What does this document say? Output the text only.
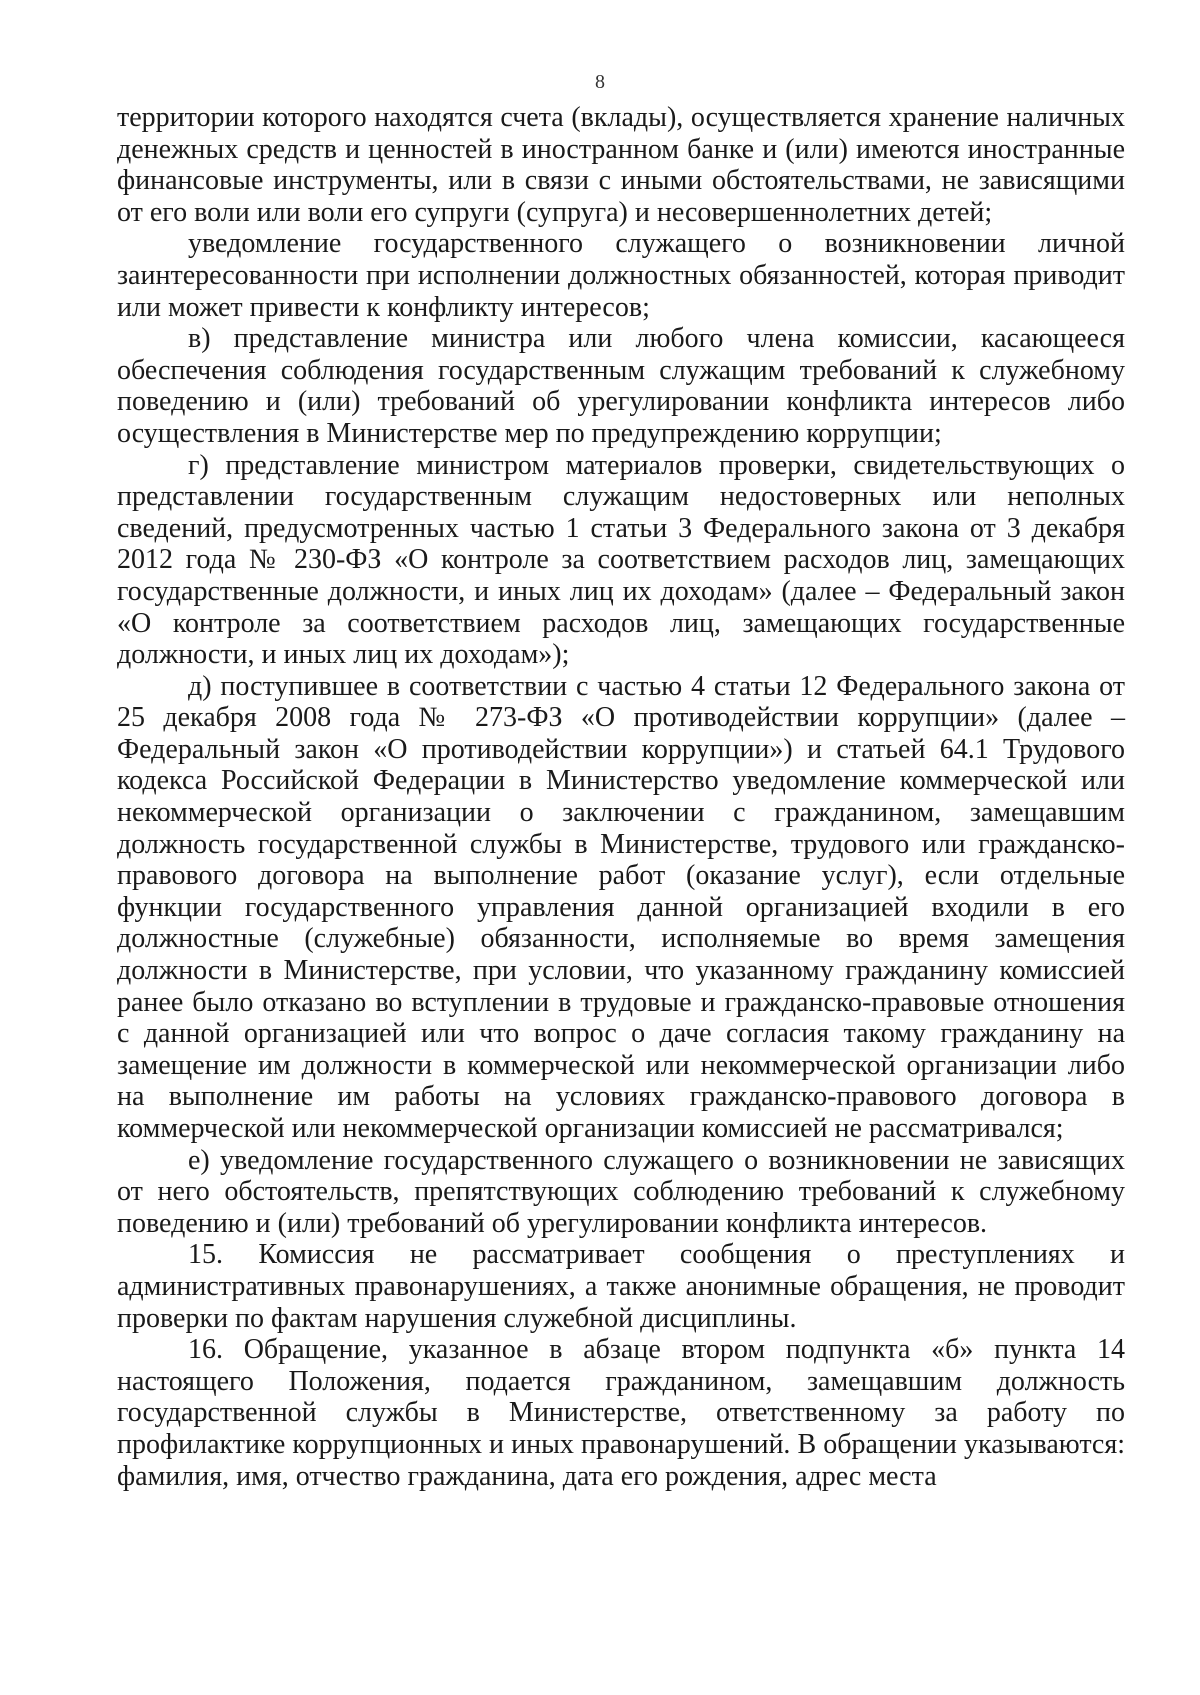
8

территории которого находятся счета (вклады), осуществляется хранение наличных денежных средств и ценностей в иностранном банке и (или) имеются иностранные финансовые инструменты, или в связи с иными обстоятельствами, не зависящими от его воли или воли его супруги (супруга) и несовершеннолетних детей;

уведомление государственного служащего о возникновении личной заинтересованности при исполнении должностных обязанностей, которая приводит или может привести к конфликту интересов;

в) представление министра или любого члена комиссии, касающееся обеспечения соблюдения государственным служащим требований к служебному поведению и (или) требований об урегулировании конфликта интересов либо осуществления в Министерстве мер по предупреждению коррупции;

г) представление министром материалов проверки, свидетельствующих о представлении государственным служащим недостоверных или неполных сведений, предусмотренных частью 1 статьи 3 Федерального закона от 3 декабря 2012 года № 230-ФЗ «О контроле за соответствием расходов лиц, замещающих государственные должности, и иных лиц их доходам» (далее – Федеральный закон «О контроле за соответствием расходов лиц, замещающих государственные должности, и иных лиц их доходам»);

д) поступившее в соответствии с частью 4 статьи 12 Федерального закона от 25 декабря 2008 года № 273-ФЗ «О противодействии коррупции» (далее – Федеральный закон «О противодействии коррупции») и статьей 64.1 Трудового кодекса Российской Федерации в Министерство уведомление коммерческой или некоммерческой организации о заключении с гражданином, замещавшим должность государственной службы в Министерстве, трудового или гражданско-правового договора на выполнение работ (оказание услуг), если отдельные функции государственного управления данной организацией входили в его должностные (служебные) обязанности, исполняемые во время замещения должности в Министерстве, при условии, что указанному гражданину комиссией ранее было отказано во вступлении в трудовые и гражданско-правовые отношения с данной организацией или что вопрос о даче согласия такому гражданину на замещение им должности в коммерческой или некоммерческой организации либо на выполнение им работы на условиях гражданско-правового договора в коммерческой или некоммерческой организации комиссией не рассматривался;

е) уведомление государственного служащего о возникновении не зависящих от него обстоятельств, препятствующих соблюдению требований к служебному поведению и (или) требований об урегулировании конфликта интересов.

15. Комиссия не рассматривает сообщения о преступлениях и административных правонарушениях, а также анонимные обращения, не проводит проверки по фактам нарушения служебной дисциплины.

16. Обращение, указанное в абзаце втором подпункта «б» пункта 14 настоящего Положения, подается гражданином, замещавшим должность государственной службы в Министерстве, ответственному за работу по профилактике коррупционных и иных правонарушений. В обращении указываются: фамилия, имя, отчество гражданина, дата его рождения, адрес места
